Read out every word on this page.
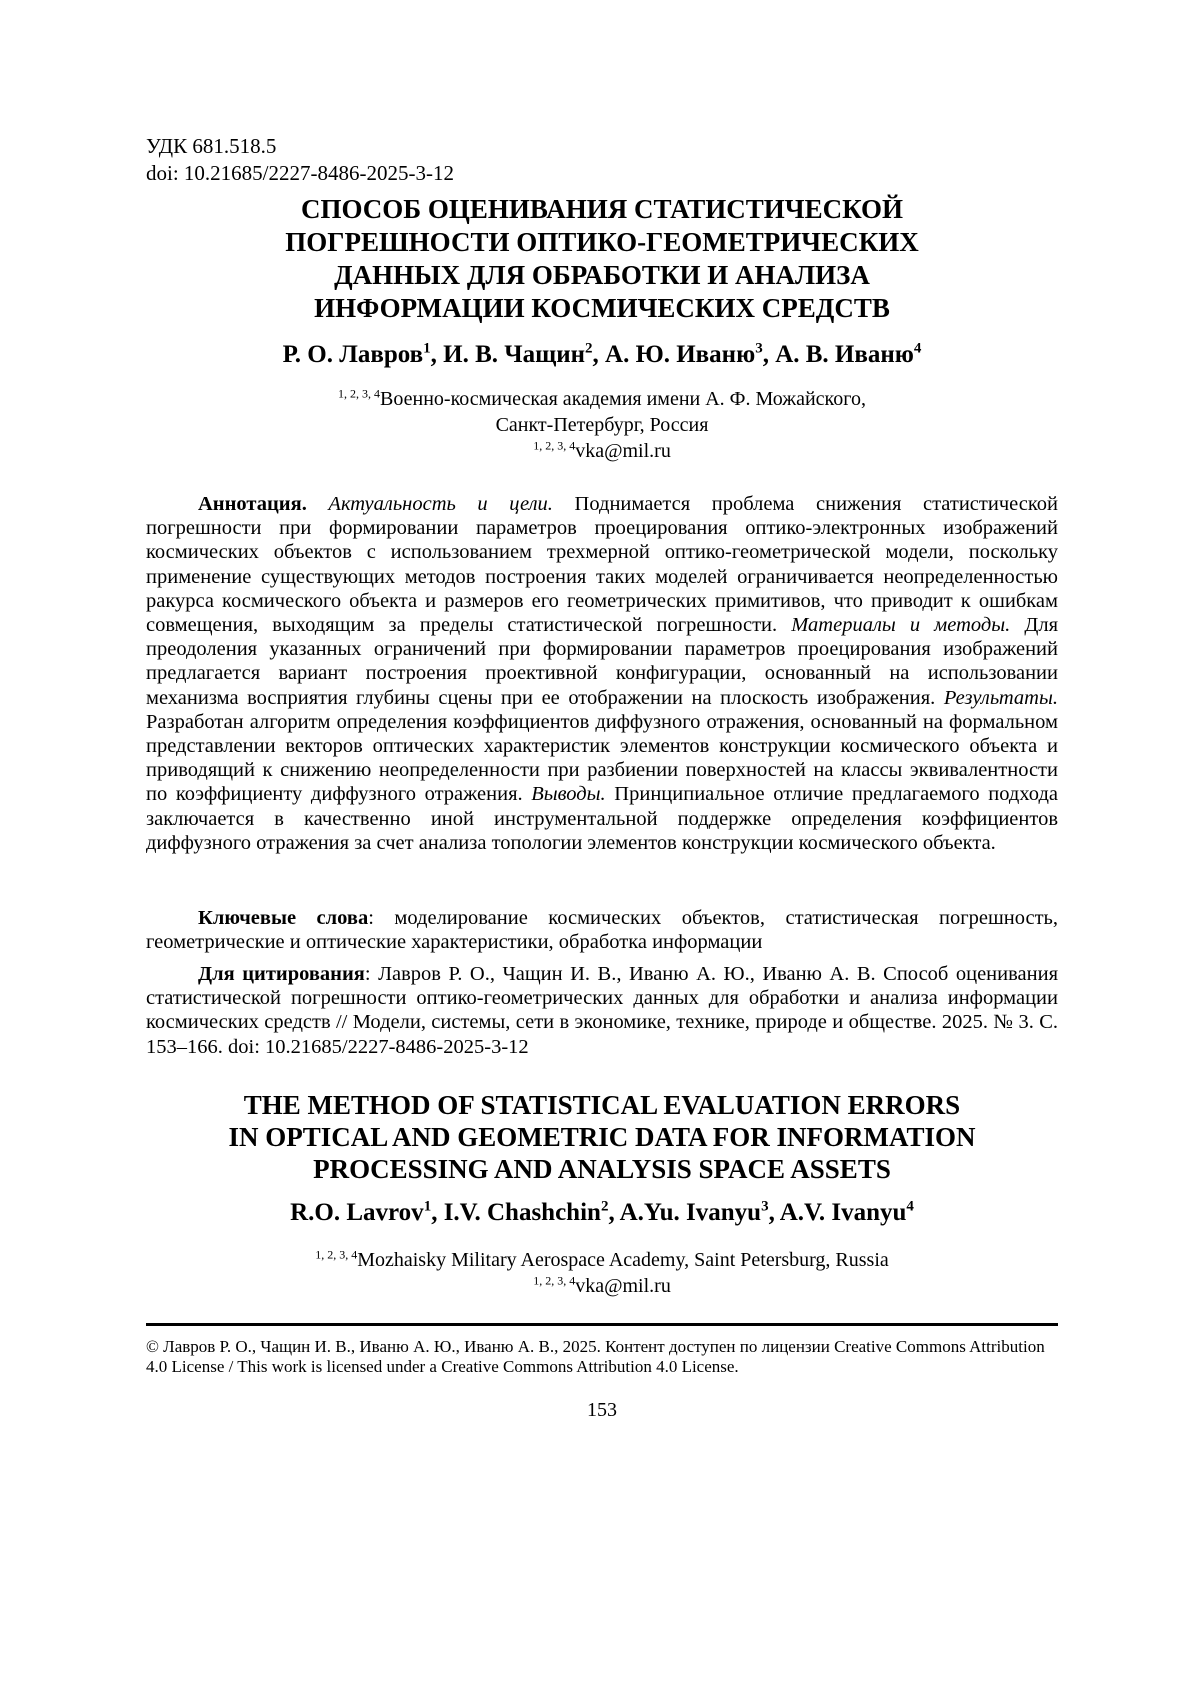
УДК 681.518.5
doi: 10.21685/2227-8486-2025-3-12
СПОСОБ ОЦЕНИВАНИЯ СТАТИСТИЧЕСКОЙ
ПОГРЕШНОСТИ ОПТИКО-ГЕОМЕТРИЧЕСКИХ
ДАННЫХ ДЛЯ ОБРАБОТКИ И АНАЛИЗА
ИНФОРМАЦИИ КОСМИЧЕСКИХ СРЕДСТВ
Р. О. Лавров$^1$, И. В. Чащин$^2$, А. Ю. Иваню$^3$, А. В. Иваню$^4$
$^{1, 2, 3, 4}$Военно-космическая академия имени А. Ф. Можайского,
Санкт-Петербург, Россия
$^{1, 2, 3, 4}$vka@mil.ru
Аннотация. Актуальность и цели. Поднимается проблема снижения статистической погрешности при формировании параметров проецирования оптико-электронных изображений космических объектов с использованием трехмерной оптико-геометрической модели, поскольку применение существующих методов построения таких моделей ограничивается неопределенностью ракурса космического объекта и размеров его геометрических примитивов, что приводит к ошибкам совмещения, выходящим за пределы статистической погрешности. Материалы и методы. Для преодоления указанных ограничений при формировании параметров проецирования изображений предлагается вариант построения проективной конфигурации, основанный на использовании механизма восприятия глубины сцены при ее отображении на плоскость изображения. Результаты. Разработан алгоритм определения коэффициентов диффузного отражения, основанный на формальном представлении векторов оптических характеристик элементов конструкции космического объекта и приводящий к снижению неопределенности при разбиении поверхностей на классы эквивалентности по коэффициенту диффузного отражения. Выводы. Принципиальное отличие предлагаемого подхода заключается в качественно иной инструментальной поддержке определения коэффициентов диффузного отражения за счет анализа топологии элементов конструкции космического объекта.
Ключевые слова: моделирование космических объектов, статистическая погрешность, геометрические и оптические характеристики, обработка информации
Для цитирования: Лавров Р. О., Чащин И. В., Иваню А. Ю., Иваню А. В. Способ оценивания статистической погрешности оптико-геометрических данных для обработки и анализа информации космических средств // Модели, системы, сети в экономике, технике, природе и обществе. 2025. № 3. С. 153–166. doi: 10.21685/2227-8486-2025-3-12
THE METHOD OF STATISTICAL EVALUATION ERRORS
IN OPTICAL AND GEOMETRIC DATA FOR INFORMATION
PROCESSING AND ANALYSIS SPACE ASSETS
R.O. Lavrov$^1$, I.V. Chashchin$^2$, A.Yu. Ivanyu$^3$, A.V. Ivanyu$^4$
$^{1, 2, 3, 4}$Mozhaisky Military Aerospace Academy, Saint Petersburg, Russia
$^{1, 2, 3, 4}$vka@mil.ru
© Лавров Р. О., Чащин И. В., Иваню А. Ю., Иваню А. В., 2025. Контент доступен по лицензии Creative Commons Attribution 4.0 License / This work is licensed under a Creative Commons Attribution 4.0 License.
153
